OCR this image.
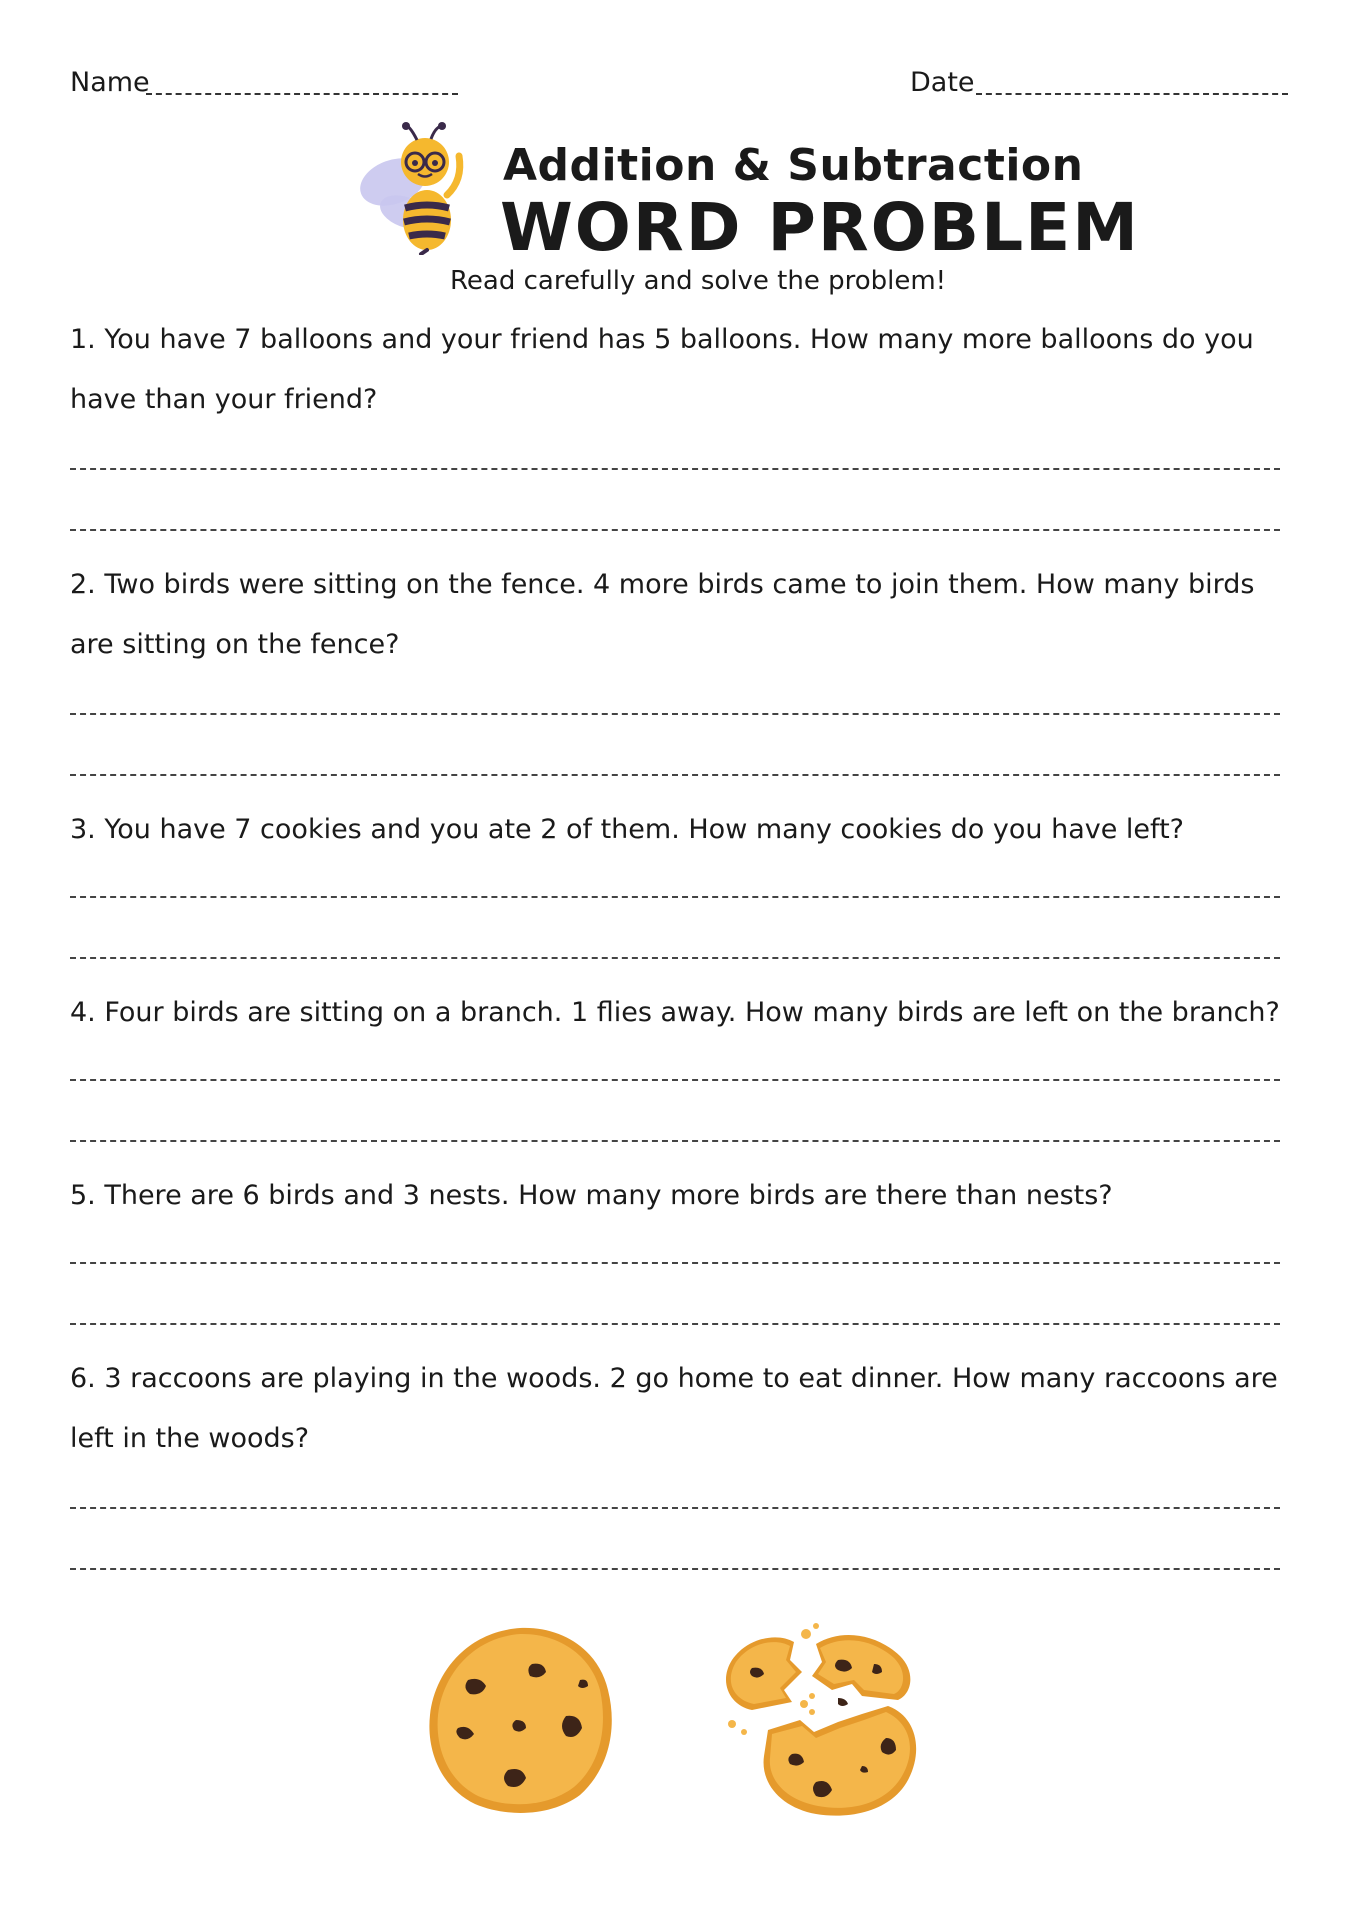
Name	Date
Addition & Subtraction
WORD PROBLEM
Read carefully and solve the problem!
1. You have 7 balloons and your friend has 5 balloons. How many more balloons do you have than your friend?
2. Two birds were sitting on the fence. 4 more birds came to join them. How many birds are sitting on the fence?
3. You have 7 cookies and you ate 2 of them. How many cookies do you have left?
4. Four birds are sitting on a branch. 1 flies away. How many birds are left on the branch?
5. There are 6 birds and 3 nests. How many more birds are there than nests?
6. 3 raccoons are playing in the woods. 2 go home to eat dinner. How many raccoons are left in the woods?
